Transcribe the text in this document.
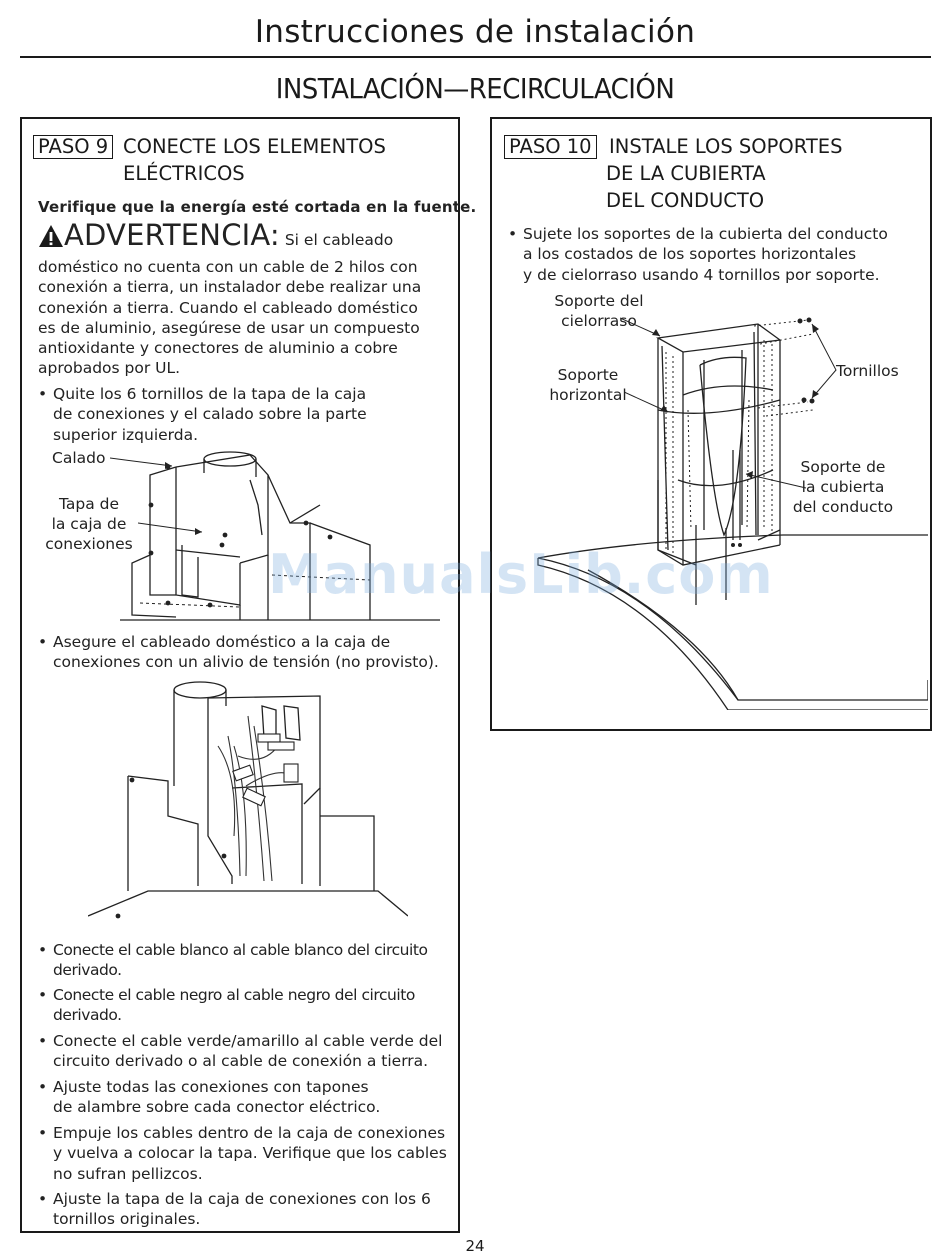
Instrucciones de instalación
INSTALACIÓN—RECIRCULACIÓN
PASO 9 CONECTE LOS ELEMENTOS
ELÉCTRICOS
Verifique que la energía esté cortada en la fuente.
ADVERTENCIA: Si el cableado
doméstico no cuenta con un cable de 2 hilos con
conexión a tierra, un instalador debe realizar una
conexión a tierra. Cuando el cableado doméstico
es de aluminio, asegúrese de usar un compuesto
antioxidante y conectores de aluminio a cobre
aprobados por UL.
• Quite los 6 tornillos de la tapa de la caja
de conexiones y el calado sobre la parte
superior izquierda.
Calado
Tapa de
la caja de
conexiones
• Asegure el cableado doméstico a la caja de
conexiones con un alivio de tensión (no provisto).
• Conecte el cable blanco al cable blanco del circuito
derivado.
• Conecte el cable negro al cable negro del circuito
derivado.
• Conecte el cable verde/amarillo al cable verde del
circuito derivado o al cable de conexión a tierra.
• Ajuste todas las conexiones con tapones
de alambre sobre cada conector eléctrico.
• Empuje los cables dentro de la caja de conexiones
y vuelva a colocar la tapa. Verifique que los cables
no sufran pellizcos.
• Ajuste la tapa de la caja de conexiones con los 6
tornillos originales.
PASO 10 INSTALE LOS SOPORTES
DE LA CUBIERTA
DEL CONDUCTO
• Sujete los soportes de la cubierta del conducto
a los costados de los soportes horizontales
y de cielorraso usando 4 tornillos por soporte.
Soporte del
cielorraso
Soporte
horizontal
Tornillos
Soporte de
la cubierta
del conducto
ManualsLib.com
24
